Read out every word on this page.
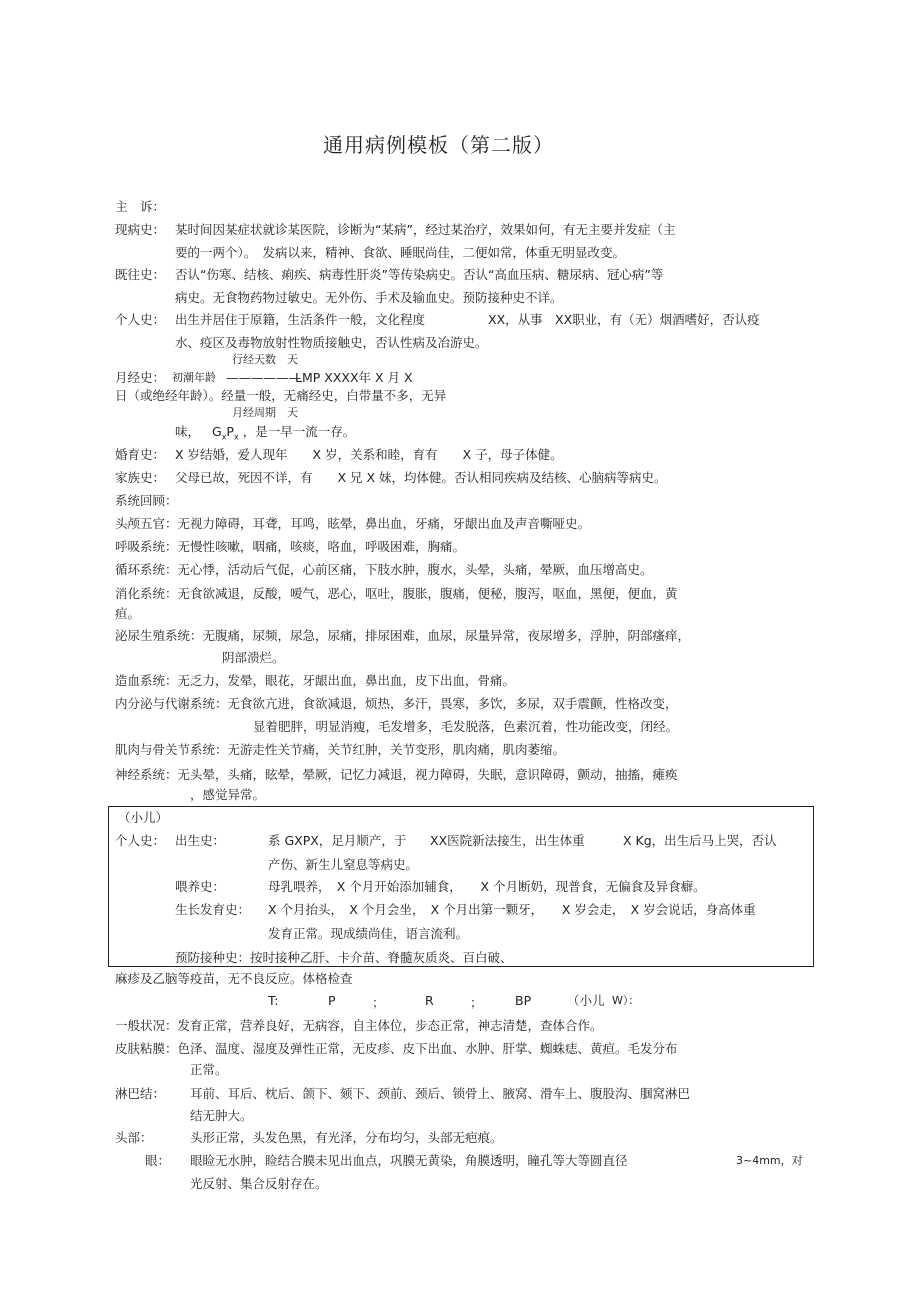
通用病例模板（第二版）
主　诉：
现病史： 某时间因某症状就诊某医院，诊断为“某病”，经过某治疗，效果如何，有无主要并发症（主
要的一两个）。　发病以来，精神、食欲、睡眠尚佳，二便如常，体重无明显改变。
既往史： 否认“伤寒、结核、痢疾、病毒性肝炎”等传染病史。否认“高血压病、糖尿病、冠心病”等
病史。无食物药物过敏史。无外伤、手术及输血史。预防接种史不详。
个人史： 出生并居住于原籍，生活条件一般，文化程度	XX，从事 XX职业，有（无）烟酒嗜好，否认疫
水、疫区及毒物放射性物质接触史，否认性病及冶游史。
行经天数　天
月经史： 初潮年龄 ——————
LMP XXXX年 X 月 X
日（或绝经年龄）。经量一般，无痛经史，白带量不多，无异
月经周期　天
味， $G_xP_x$ ，是一早一流一存。
婚育史： X 岁结婚，爱人现年　　X 岁，关系和睦，育有　　X 子，母子体健。
家族史： 父母已故，死因不详，有　　X 兄 X 妹，均体健。否认相同疾病及结核、心脑病等病史。
系统回顾：
头颅五官：无视力障碍，耳聋，耳鸣，眩晕，鼻出血，牙痛，牙龈出血及声音嘶哑史。
呼吸系统：无慢性咳嗽，咽痛，咳痰，咯血，呼吸困难，胸痛。
循环系统：无心悸，活动后气促，心前区痛，下肢水肿，腹水，头晕，头痛，晕厥，血压增高史。
消化系统：无食欲减退，反酸，嗳气，恶心，呕吐，腹胀，腹痛，便秘，腹泻，呕血，黑便，便血，黄
疸。
泌尿生殖系统：无腹痛，尿频，尿急，尿痛，排尿困难，血尿，尿量异常，夜尿增多，浮肿，阴部瘙痒，
阴部溃烂。
造血系统：无乏力，发晕，眼花，牙龈出血，鼻出血，皮下出血，骨痛。
内分泌与代谢系统：无食欲亢进，食欲减退，烦热，多汗，畏寒，多饮，多尿，双手震颤，性格改变，
显着肥胖，明显消瘦，毛发增多，毛发脱落，色素沉着，性功能改变，闭经。
肌肉与骨关节系统：无游走性关节痛，关节红肿，关节变形，肌肉痛，肌肉萎缩。
神经系统：无头晕，头痛，眩晕，晕厥，记忆力减退，视力障碍，失眠，意识障碍，颤动，抽搐，瘫痪
，感觉异常。
（小儿）
个人史： 出生史：	系 GXPX，足月顺产，于 XX医院新法接生，出生体重	X Kg，出生后马上哭，否认
产伤、新生儿窒息等病史。
喂养史：	母乳喂养，　X 个月开始添加辅食，　　X 个月断奶，现普食，无偏食及异食癖。
生长发育史： X 个月抬头，　X 个月会坐，　X 个月出第一颗牙，　　X 岁会走，　X 岁会说话，身高体重
发育正常。现成绩尚佳，语言流利。
预防接种史：按时接种乙肝、卡介苗、脊髓灰质炎、百白破、
麻疹及乙脑等疫苗，无不良反应。体格检查
T:	P	；	R	；	BP	（小儿 W）：
一般状况：发育正常，营养良好，无病容，自主体位，步态正常，神志清楚，查体合作。
皮肤粘膜：色泽、温度、湿度及弹性正常，无皮疹、皮下出血、水肿、肝掌、蜘蛛痣、黄疸。毛发分布
正常。
淋巴结： 耳前、耳后、枕后、颌下、颏下、颈前、颈后、锁骨上、腋窝、滑车上、腹股沟、腘窝淋巴
结无肿大。
头部：	头形正常，头发色黑，有光泽，分布均匀，头部无疤痕。
眼： 眼睑无水肿，睑结合膜未见出血点，巩膜无黄染，角膜透明，瞳孔等大等圆直径	3~4mm，对
光反射、集合反射存在。
